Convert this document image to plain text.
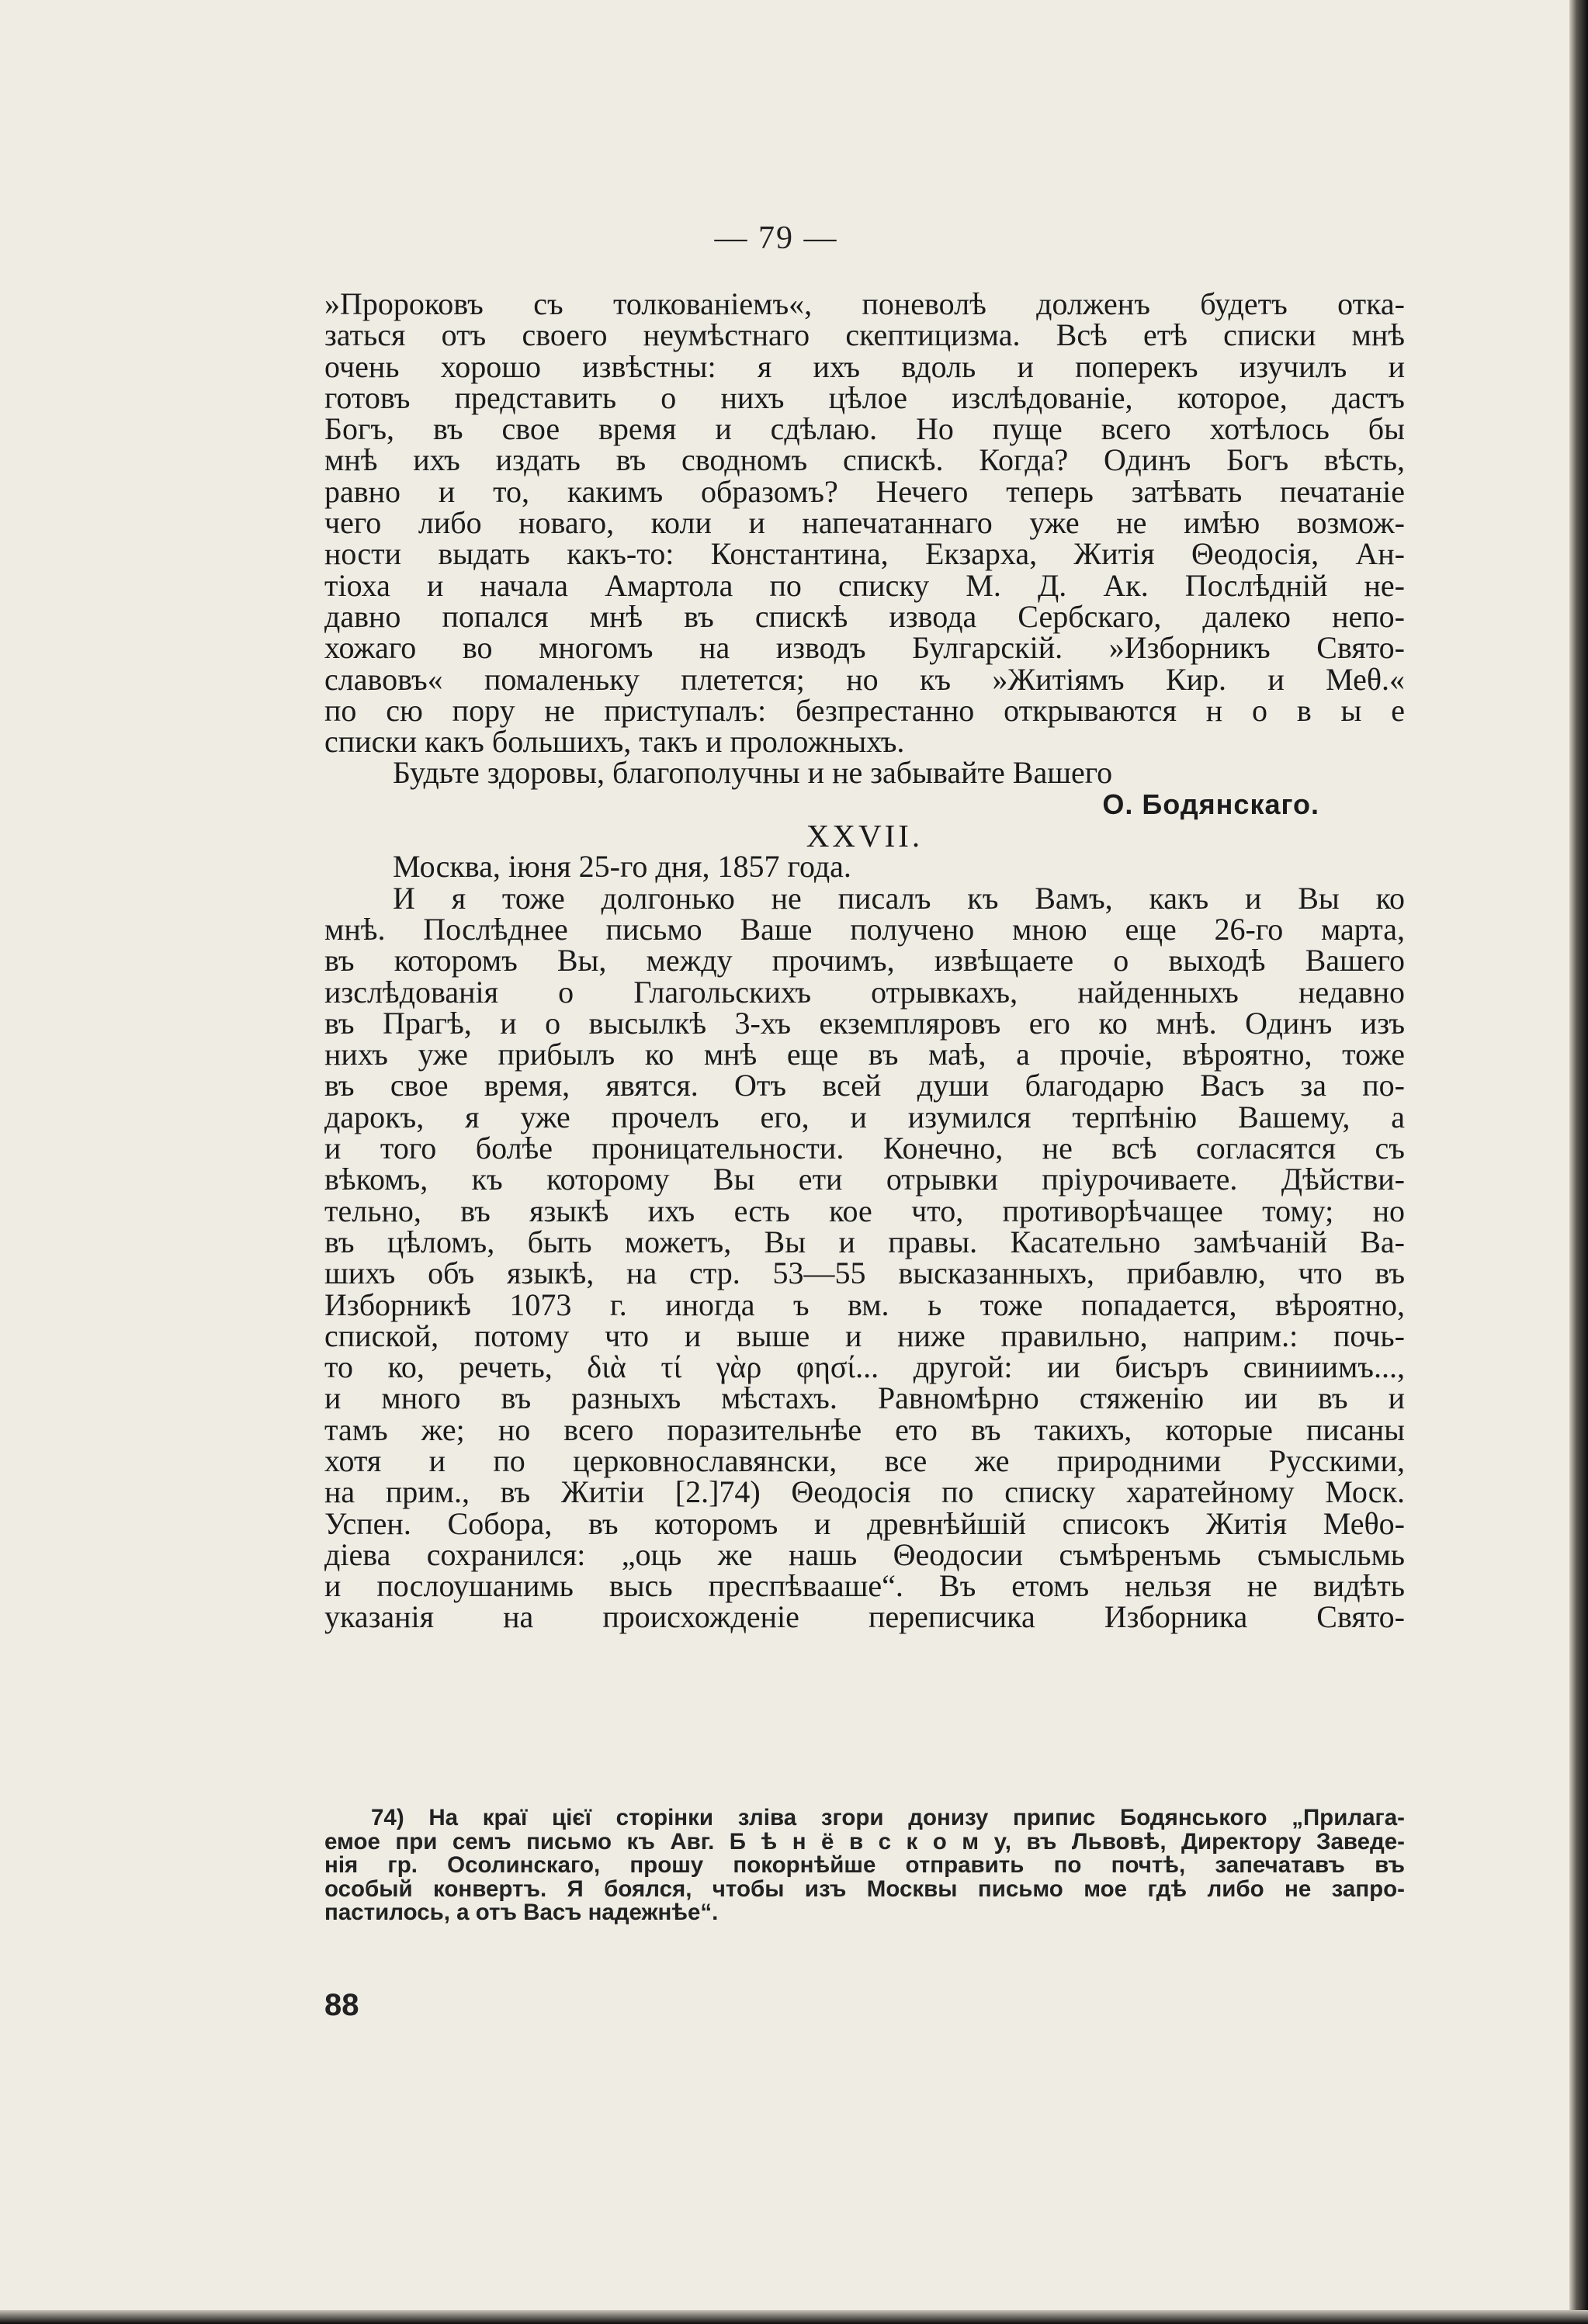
— 79 —
»Пророковъ съ толкованiемъ«, поневолѣ долженъ будетъ отка-
заться отъ своего неумѣстнаго скептицизма. Всѣ етѣ списки мнѣ
очень хорошо извѣстны: я ихъ вдоль и поперекъ изучилъ и
готовъ представить о нихъ цѣлое изслѣдованiе, которое, дастъ
Богъ, въ свое время и сдѣлаю. Но пуще всего хотѣлось бы
мнѣ ихъ издать въ сводномъ спискѣ. Когда? Одинъ Богъ вѣсть,
равно и то, какимъ образомъ? Нечего теперь затѣвать печатанiе
чего либо новаго, коли и напечатаннаго уже не имѣю возмож-
ности выдать какъ-то: Константина, Екзарха, Житiя Θеодосiя, Ан-
тiоха и начала Амартола по списку М. Д. Ак. Послѣднiй не-
давно попался мнѣ въ спискѣ извода Сербскаго, далеко непо-
хожаго во многомъ на изводъ Булгарскiй. »Изборникъ Свято-
славовъ« помаленьку плетется; но къ »Житiямъ Кир. и Меθ.«
по сю пору не приступалъ: безпрестанно открываются н о в ы е
списки какъ большихъ, такъ и проложныхъ.
Будьте здоровы, благополучны и не забывайте Вашего
О. Бодянскаго.
XXVII.
Москва, iюня 25-го дня, 1857 года.
И я тоже долгонько не писалъ къ Вамъ, какъ и Вы ко
мнѣ. Послѣднее письмо Ваше получено мною еще 26-го марта,
въ которомъ Вы, между прочимъ, извѣщаете о выходѣ Вашего
изслѣдованiя о Глагольскихъ отрывкахъ, найденныхъ недавно
въ Прагѣ, и о высылкѣ 3-хъ екземпляровъ его ко мнѣ. Одинъ изъ
нихъ уже прибылъ ко мнѣ еще въ маѣ, а прочiе, вѣроятно, тоже
въ свое время, явятся. Отъ всей души благодарю Васъ за по-
дарокъ, я уже прочелъ его, и изумился терпѣнiю Вашему, а
и того болѣе проницательности. Конечно, не всѣ согласятся съ
вѣкомъ, къ которому Вы ети отрывки прiурочиваете. Дѣйстви-
тельно, въ языкѣ ихъ есть кое что, противорѣчащее тому; но
въ цѣломъ, быть можетъ, Вы и правы. Касательно замѣчанiй Ва-
шихъ объ языкѣ, на стр. 53—55 высказанныхъ, прибавлю, что въ
Изборникѣ 1073 г. иногда ъ вм. ь тоже попадается, вѣроятно,
спиской, потому что и выше и ниже правильно, наприм.: почь-
то ко, речеть, διὰ τί γὰρ φησί... другой: ии бисъръ свиниимъ...,
и много въ разныхъ мѣстахъ. Равномѣрно стяженiю ии въ и
тамъ же; но всего поразительнѣе ето въ такихъ, которые писаны
хотя и по церковнославянски, все же природними Русскими,
на прим., въ Житiи [2.]74) Θеодосiя по списку харатейному Моск.
Успен. Собора, въ которомъ и древнѣйшiй списокъ Житiя Меθо-
дiева сохранился: „оць же нашь Θеодосии съмѣренъмь съмысльмь
и послоушанимь высь преспѣвааше“. Въ етомъ нельзя не видѣть
указанiя на происхожденiе переписчика Изборника Свято-
74) На краї цієї сторінки зліва згори донизу припис Бодянського „Прилага-
емое при семъ письмо къ Авг. Б ѣ н ё в с к о м у, въ Львовѣ, Директору Заведе-
нiя гр. Осолинскаго, прошу покорнѣйше отправить по почтѣ, запечатавъ въ
особый конвертъ. Я боялся, чтобы изъ Москвы письмо мое гдѣ либо не запро-
пастилось, а отъ Васъ надежнѣе“.
88
